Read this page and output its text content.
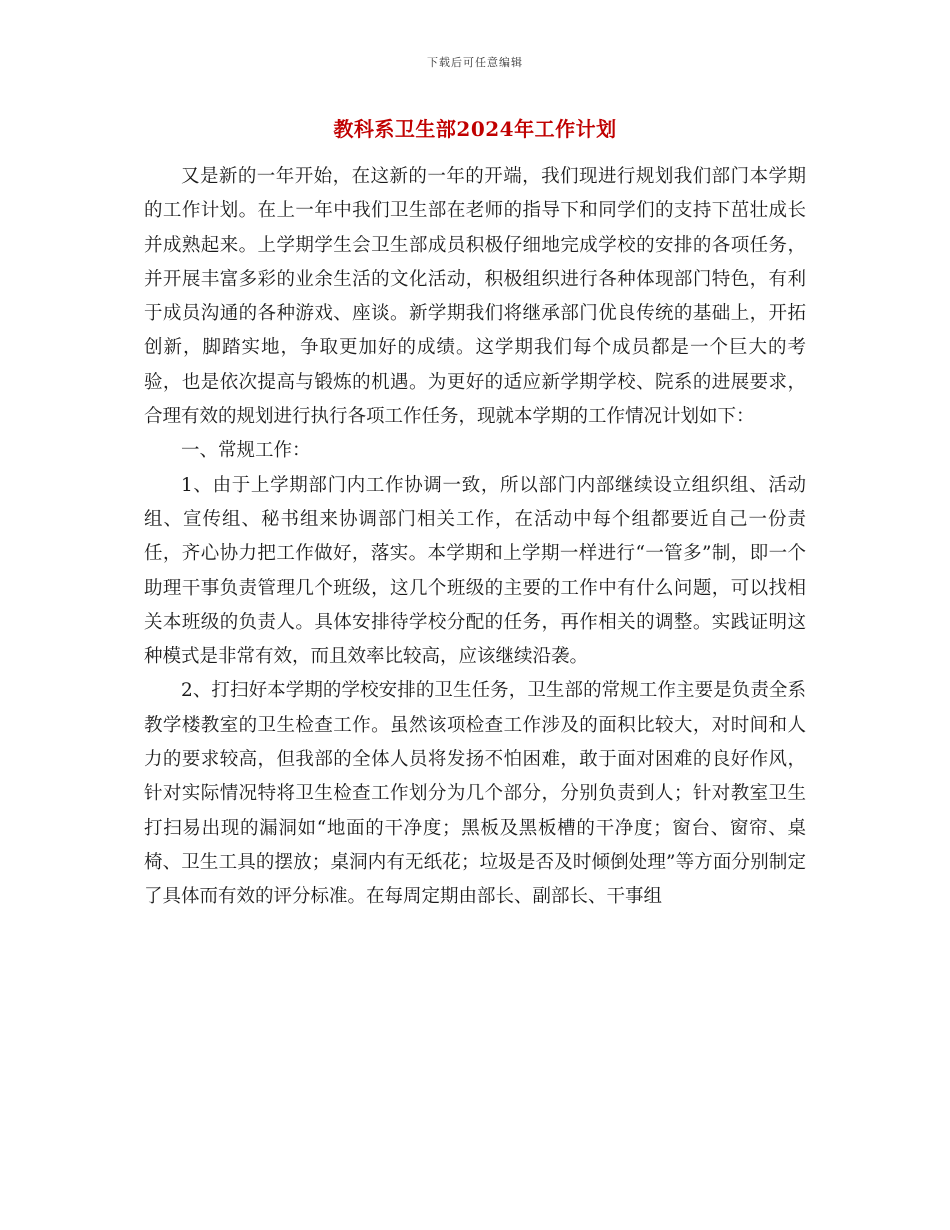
下载后可任意编辑
教科系卫生部2024年工作计划

又是新的一年开始，在这新的一年的开端，我们现进行规划我们部门本学期的工作计划。在上一年中我们卫生部在老师的指导下和同学们的支持下茁壮成长并成熟起来。上学期学生会卫生部成员积极仔细地完成学校的安排的各项任务，并开展丰富多彩的业余生活的文化活动，积极组织进行各种体现部门特色，有利于成员沟通的各种游戏、座谈。新学期我们将继承部门优良传统的基础上，开拓创新，脚踏实地，争取更加好的成绩。这学期我们每个成员都是一个巨大的考验，也是依次提高与锻炼的机遇。为更好的适应新学期学校、院系的进展要求，合理有效的规划进行执行各项工作任务，现就本学期的工作情况计划如下：

一、常规工作：

1、由于上学期部门内工作协调一致，所以部门内部继续设立组织组、活动组、宣传组、秘书组来协调部门相关工作，在活动中每个组都要近自己一份责任，齐心协力把工作做好，落实。本学期和上学期一样进行“一管多”制，即一个助理干事负责管理几个班级，这几个班级的主要的工作中有什么问题，可以找相关本班级的负责人。具体安排待学校分配的任务，再作相关的调整。实践证明这种模式是非常有效，而且效率比较高，应该继续沿袭。

2、打扫好本学期的学校安排的卫生任务，卫生部的常规工作主要是负责全系教学楼教室的卫生检查工作。虽然该项检查工作涉及的面积比较大，对时间和人力的要求较高，但我部的全体人员将发扬不怕困难，敢于面对困难的良好作风，针对实际情况特将卫生检查工作划分为几个部分，分别负责到人；针对教室卫生打扫易出现的漏洞如“地面的干净度；黑板及黑板槽的干净度；窗台、窗帘、桌椅、卫生工具的摆放；桌洞内有无纸花；垃圾是否及时倾倒处理”等方面分别制定了具体而有效的评分标准。在每周定期由部长、副部长、干事组
